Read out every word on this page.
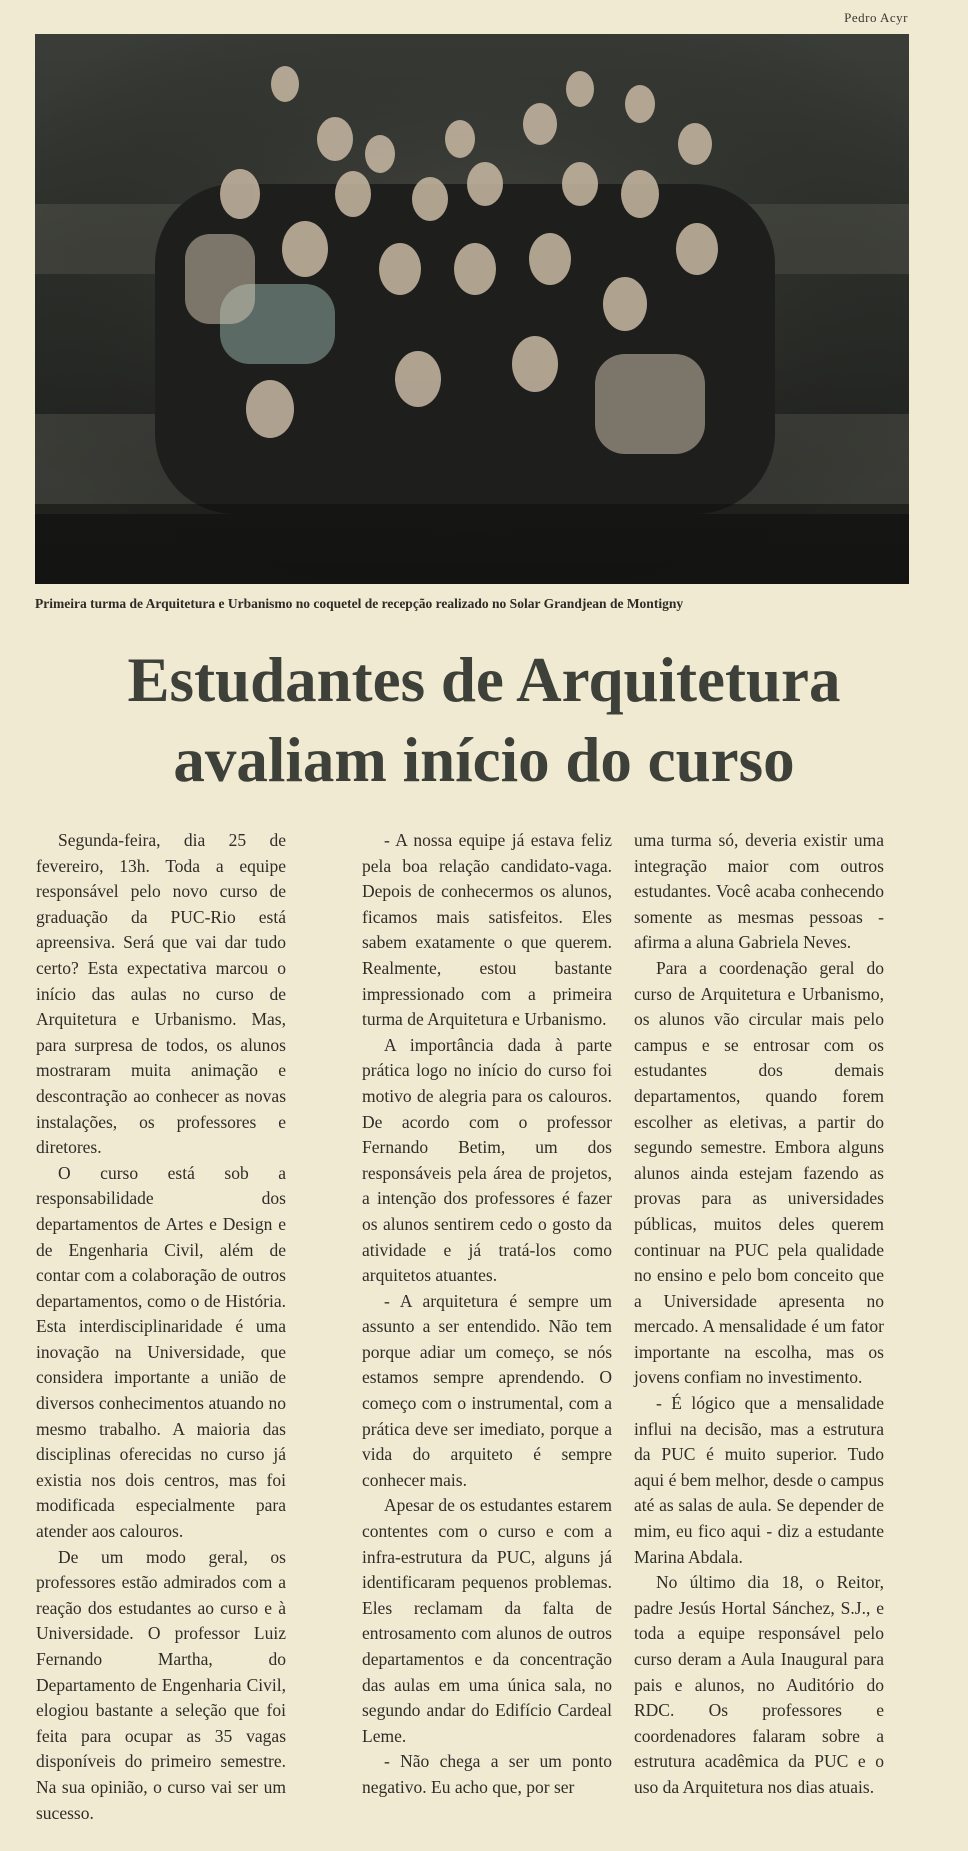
Pedro Acyr
Primeira turma de Arquitetura e Urbanismo no coquetel de recepção realizado no Solar Grandjean de Montigny
Estudantes de Arquitetura
avaliam início do curso

Segunda-feira, dia 25 de fevereiro, 13h. Toda a equipe responsável pelo novo curso de graduação da PUC-Rio está apreensiva. Será que vai dar tudo certo? Esta expectativa marcou o início das aulas no curso de Arquitetura e Urbanismo. Mas, para surpresa de todos, os alunos mostraram muita animação e descontração ao conhecer as novas instalações, os professores e diretores.

O curso está sob a responsabilidade dos departamentos de Artes e Design e de Engenharia Civil, além de contar com a colaboração de outros departamentos, como o de História. Esta interdisciplinaridade é uma inovação na Universidade, que considera importante a união de diversos conhecimentos atuando no mesmo trabalho. A maioria das disciplinas oferecidas no curso já existia nos dois centros, mas foi modificada especialmente para atender aos calouros.

De um modo geral, os professores estão admirados com a reação dos estudantes ao curso e à Universidade. O professor Luiz Fernando Martha, do Departamento de Engenharia Civil, elogiou bastante a seleção que foi feita para ocupar as 35 vagas disponíveis do primeiro semestre. Na sua opinião, o curso vai ser um sucesso.

- A nossa equipe já estava feliz pela boa relação candidato-vaga. Depois de conhecermos os alunos, ficamos mais satisfeitos. Eles sabem exatamente o que querem. Realmente, estou bastante impressionado com a primeira turma de Arquitetura e Urbanismo.

A importância dada à parte prática logo no início do curso foi motivo de alegria para os calouros. De acordo com o professor Fernando Betim, um dos responsáveis pela área de projetos, a intenção dos professores é fazer os alunos sentirem cedo o gosto da atividade e já tratá-los como arquitetos atuantes.

- A arquitetura é sempre um assunto a ser entendido. Não tem porque adiar um começo, se nós estamos sempre aprendendo. O começo com o instrumental, com a prática deve ser imediato, porque a vida do arquiteto é sempre conhecer mais.

Apesar de os estudantes estarem contentes com o curso e com a infra-estrutura da PUC, alguns já identificaram pequenos problemas. Eles reclamam da falta de entrosamento com alunos de outros departamentos e da concentração das aulas em uma única sala, no segundo andar do Edifício Cardeal Leme.

- Não chega a ser um ponto negativo. Eu acho que, por ser

uma turma só, deveria existir uma integração maior com outros estudantes. Você acaba conhecendo somente as mesmas pessoas - afirma a aluna Gabriela Neves.

Para a coordenação geral do curso de Arquitetura e Urbanismo, os alunos vão circular mais pelo campus e se entrosar com os estudantes dos demais departamentos, quando forem escolher as eletivas, a partir do segundo semestre. Embora alguns alunos ainda estejam fazendo as provas para as universidades públicas, muitos deles querem continuar na PUC pela qualidade no ensino e pelo bom conceito que a Universidade apresenta no mercado. A mensalidade é um fator importante na escolha, mas os jovens confiam no investimento.

- É lógico que a mensalidade influi na decisão, mas a estrutura da PUC é muito superior. Tudo aqui é bem melhor, desde o campus até as salas de aula. Se depender de mim, eu fico aqui - diz a estudante Marina Abdala.

No último dia 18, o Reitor, padre Jesús Hortal Sánchez, S.J., e toda a equipe responsável pelo curso deram a Aula Inaugural para pais e alunos, no Auditório do RDC. Os professores e coordenadores falaram sobre a estrutura acadêmica da PUC e o uso da Arquitetura nos dias atuais.
